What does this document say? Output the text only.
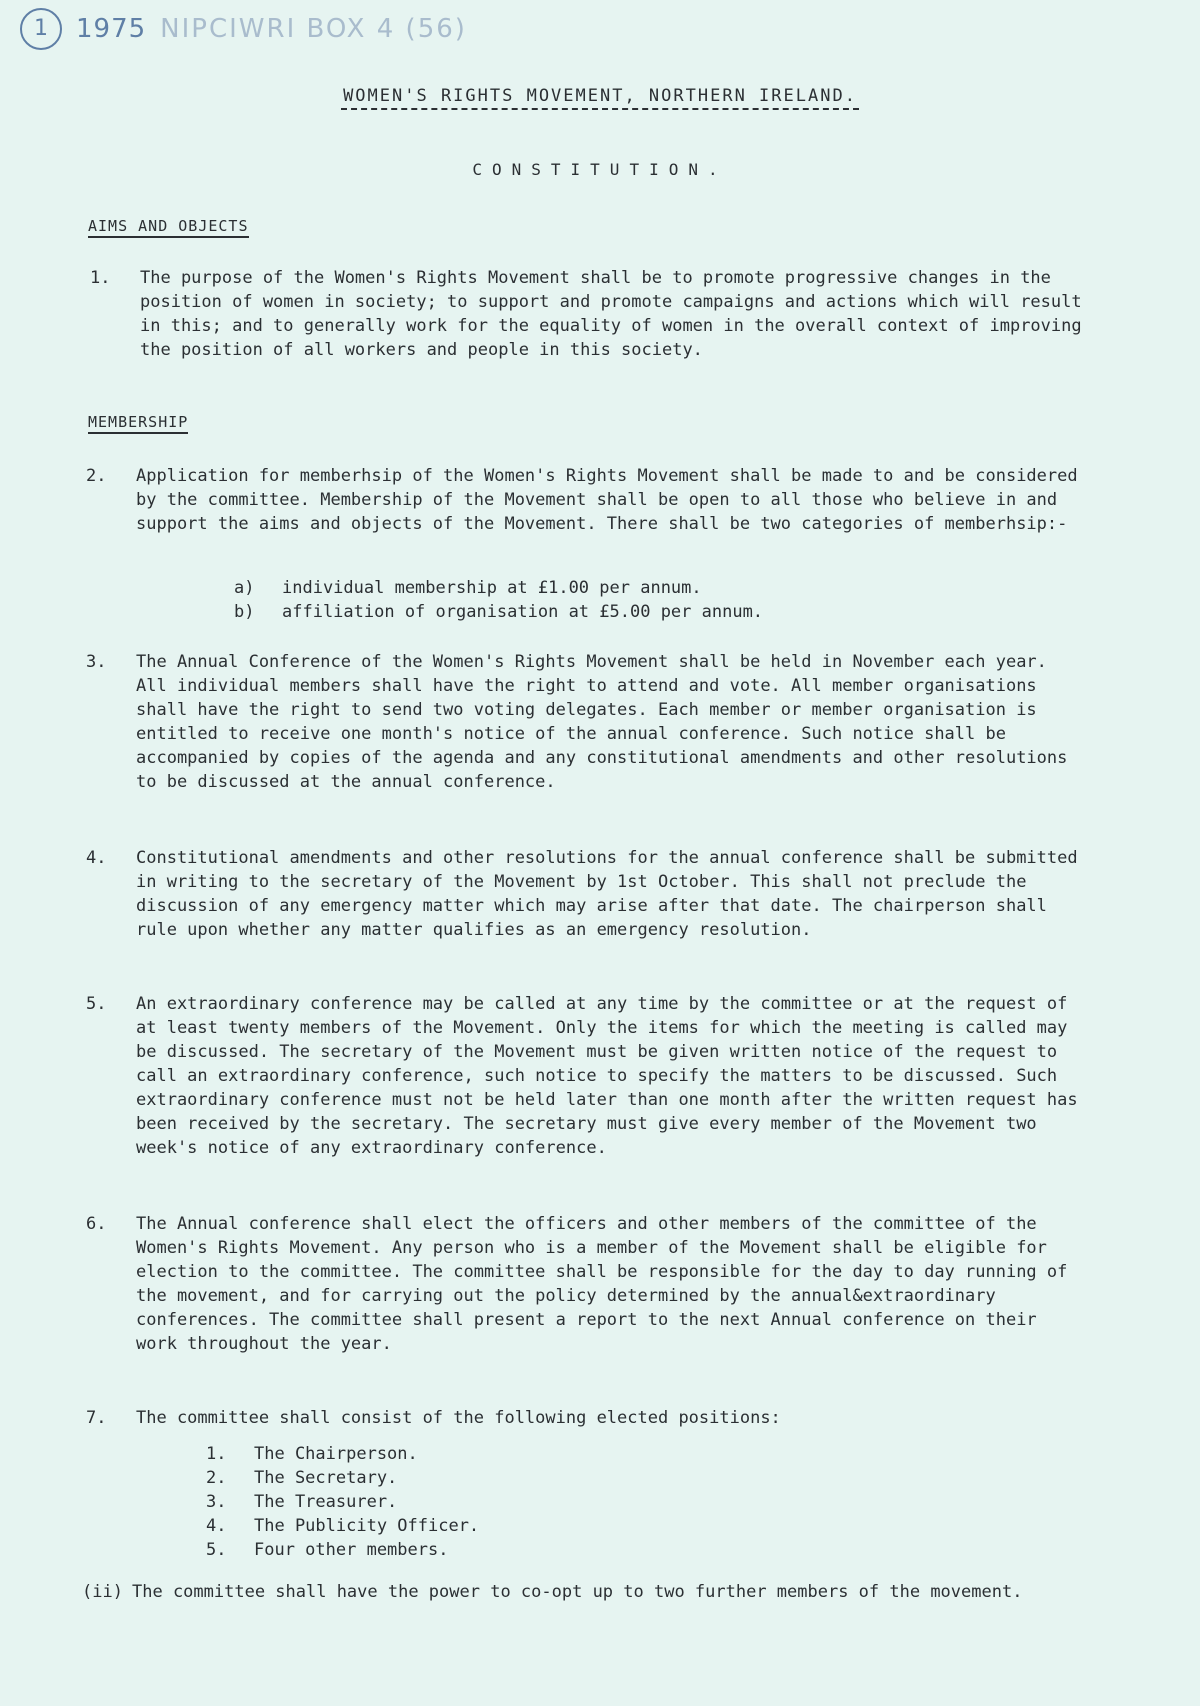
1	1975 NIPCIWRI BOX 4 (56)
WOMEN'S RIGHTS MOVEMENT, NORTHERN IRELAND.
CONSTITUTION.
AIMS AND OBJECTS
1.	The purpose of the Women's Rights Movement shall be to promote progressive changes in the position of women in society; to support and promote campaigns and actions which will result in this; and to generally work for the equality of women in the overall context of improving the position of all workers and people in this society.
MEMBERSHIP
2.	Application for memberhsip of the Women's Rights Movement shall be made to and be considered by the committee. Membership of the Movement shall be open to all those who believe in and support the aims and objects of the Movement. There shall be two categories of memberhsip:-
a) individual membership at £1.00 per annum.
b) affiliation of organisation at £5.00 per annum.
3.	The Annual Conference of the Women's Rights Movement shall be held in November each year. All individual members shall have the right to attend and vote. All member organisations shall have the right to send two voting delegates. Each member or member organisation is entitled to receive one month's notice of the annual conference. Such notice shall be accompanied by copies of the agenda and any constitutional amendments and other resolutions to be discussed at the annual conference.
4.	Constitutional amendments and other resolutions for the annual conference shall be submitted in writing to the secretary of the Movement by 1st October. This shall not preclude the discussion of any emergency matter which may arise after that date. The chairperson shall rule upon whether any matter qualifies as an emergency resolution.
5.	An extraordinary conference may be called at any time by the committee or at the request of at least twenty members of the Movement. Only the items for which the meeting is called may be discussed. The secretary of the Movement must be given written notice of the request to call an extraordinary conference, such notice to specify the matters to be discussed. Such extraordinary conference must not be held later than one month after the written request has been received by the secretary. The secretary must give every member of the Movement two week's notice of any extraordinary conference.
6.	The Annual conference shall elect the officers and other members of the committee of the Women's Rights Movement. Any person who is a member of the Movement shall be eligible for election to the committee. The committee shall be responsible for the day to day running of the movement, and for carrying out the policy determined by the annual&extraordinary conferences. The committee shall present a report to the next Annual conference on their work throughout the year.
7.	The committee shall consist of the following elected positions:
1. The Chairperson.
2. The Secretary.
3. The Treasurer.
4. The Publicity Officer.
5. Four other members.
(ii) The committee shall have the power to co-opt up to two further members of the movement.
